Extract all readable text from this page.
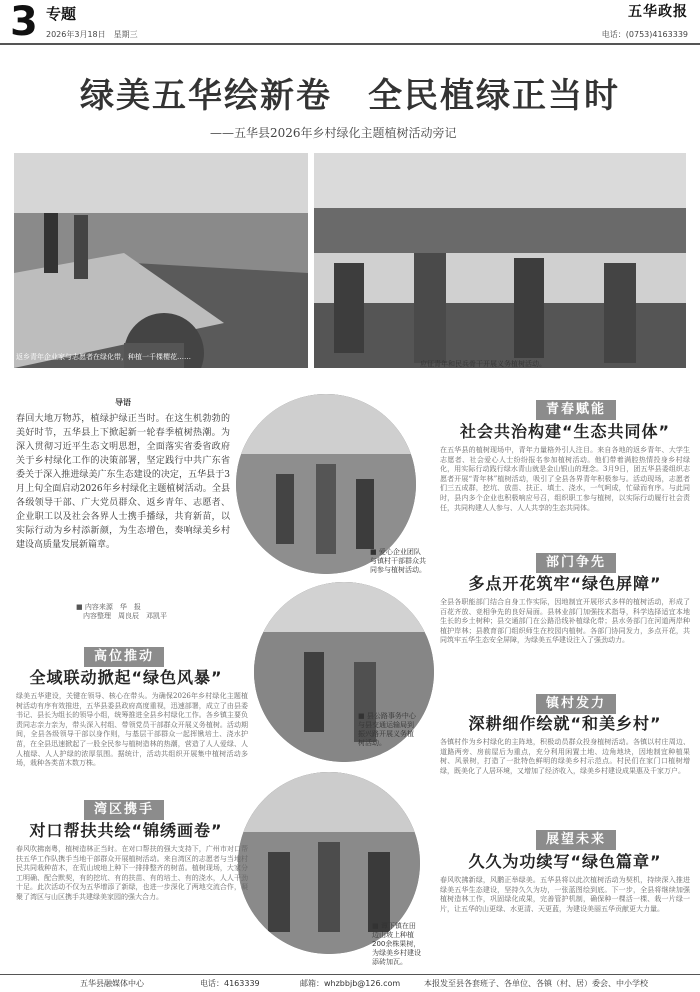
3 专题
2026年3月18日　星期三
五华政报
电话：(0753)4163339
绿美五华绘新卷　全民植绿正当时
——五华县2026年乡村绿化主题植树活动旁记
返乡青年企业家与志愿者在绿化带，种植一千棵樱花……
应征青年和民兵骨干开展义务植树活动。
导语
春回大地万物苏，植绿护绿正当时。在这生机勃勃的美好时节，五华县上下掀起新一轮春季植树热潮。为深入贯彻习近平生态文明思想，全面落实省委省政府关于乡村绿化工作的决策部署，坚定践行中共广东省委关于深入推进绿美广东生态建设的决定，五华县于3月上旬全面启动2026年乡村绿化主题植树活动。全县各级领导干部、广大党员群众、返乡青年、志愿者、企业职工以及社会各界人士携手播绿，共育新苗，以实际行动为乡村添新颜，为生态增色，奏响绿美乡村建设高质量发展新篇章。
■ 内容来源　华　报
　内容整理　周良辰　邓凯平
■ 爱心企业团队与镇村干部群众共同参与植树活动。
■ 县公路事务中心与县交通运输局到振兴路开展义务植树活动。
■ 谭下镇在田边山坡上种植200余株果树，为绿美乡村建设添砖加瓦。
高位推动
全域联动掀起“绿色风暴”
绿美五华建设，关键在领导、核心在带头。为确保2026年乡村绿化主题植树活动有序有效推进，五华县委县政府高度重视，迅速部署，成立了由县委书记、县长为组长的领导小组，统筹推进全县乡村绿化工作。各乡镇主要负责同志亲力亲为，带头深入村组、带领党员干部群众开展义务植树。活动期间，全县各级领导干部以身作则，与基层干部群众一起挥锹培土、浇水护苗，在全县迅速掀起了一股全民参与植树造林的热潮，营造了人人爱绿、人人植绿、人人护绿的浓厚氛围。据统计，活动共组织开展集中植树活动多场，栽种各类苗木数万株。
湾区携手
对口帮扶共绘“锦绣画卷”
春风吹拂南粤，植树造林正当时。在对口帮扶的强大支持下，广州市对口帮扶五华工作队携手当地干部群众开展植树活动。来自湾区的志愿者与当地村民共同栽种苗木，在荒山坡地上种下一排排整齐的树苗。植树现场，大家分工明确、配合默契，有的挖坑、有的扶苗、有的培土、有的浇水，人人干劲十足。此次活动不仅为五华增添了新绿，也进一步深化了两地交流合作，凝聚了湾区与山区携手共建绿美家园的强大合力。
青春赋能
社会共治构建“生态共同体”
在五华县的植树现场中，青年力量格外引人注目。来自各地的返乡青年、大学生志愿者、社会爱心人士纷纷报名参加植树活动。他们带着满腔热情投身乡村绿化，用实际行动践行绿水青山就是金山银山的理念。3月9日，团五华县委组织志愿者开展“青年林”植树活动，吸引了全县各界青年积极参与。活动现场，志愿者们三五成群，挖坑、放苗、扶正、填土、浇水，一气呵成，忙碌而有序。与此同时，县内多个企业也积极响应号召，组织职工参与植树，以实际行动履行社会责任，共同构建人人参与、人人共享的生态共同体。
部门争先
多点开花筑牢“绿色屏障”
全县各职能部门结合自身工作实际，因地制宜开展形式多样的植树活动，形成了百花齐放、竞相争先的良好局面。县林业部门加强技术指导，科学选择适宜本地生长的乡土树种；县交通部门在公路沿线补植绿化带；县水务部门在河道两岸种植护岸林；县教育部门组织师生在校园内植树。各部门协同发力，多点开花，共同筑牢五华生态安全屏障，为绿美五华建设注入了强劲动力。
镇村发力
深耕细作绘就“和美乡村”
各镇村作为乡村绿化的主阵地，积极动员群众投身植树活动。各镇以村庄周边、道路两旁、房前屋后为重点，充分利用闲置土地、边角地块，因地制宜种植果树、风景树，打造了一批特色鲜明的绿美乡村示范点。村民们在家门口植树增绿，既美化了人居环境，又增加了经济收入，绿美乡村建设成果惠及千家万户。
展望未来
久久为功续写“绿色篇章”
春风吹拂新绿，风鹏正举绿美。五华县将以此次植树活动为契机，持续深入推进绿美五华生态建设，坚持久久为功，一张蓝图绘到底。下一步，全县将继续加强植树造林工作，巩固绿化成果，完善管护机制，确保种一棵活一棵、栽一片绿一片，让五华的山更绿、水更清、天更蓝，为建设美丽五华贡献更大力量。
五华县融媒体中心	电话：4163339	邮箱：whzbbjb@126.com	本报发至县各套班子、各单位、各镇（村、居）委会、中小学校
